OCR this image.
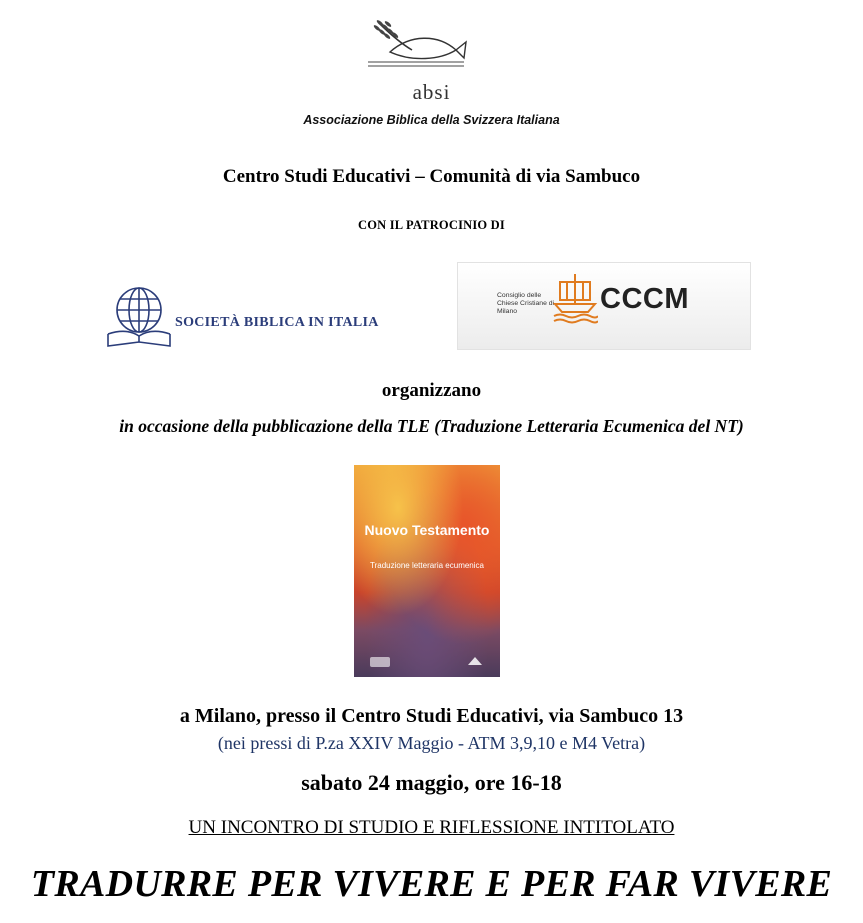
absi
Associazione Biblica della Svizzera Italiana
Centro Studi Educativi – Comunità di via Sambuco
CON IL PATROCINIO DI
SOCIETÀ BIBLICA IN ITALIA
Consiglio delle Chiese Cristiane di Milano	CCCM
organizzano
in occasione della pubblicazione della TLE (Traduzione Letteraria Ecumenica del NT)
Nuovo Testamento
Traduzione letteraria ecumenica
a Milano, presso il Centro Studi Educativi, via Sambuco 13
(nei pressi di P.za XXIV Maggio - ATM 3,9,10 e M4 Vetra)
sabato 24 maggio, ore 16-18
UN INCONTRO DI STUDIO E RIFLESSIONE INTITOLATO
TRADURRE PER VIVERE E PER FAR VIVERE
